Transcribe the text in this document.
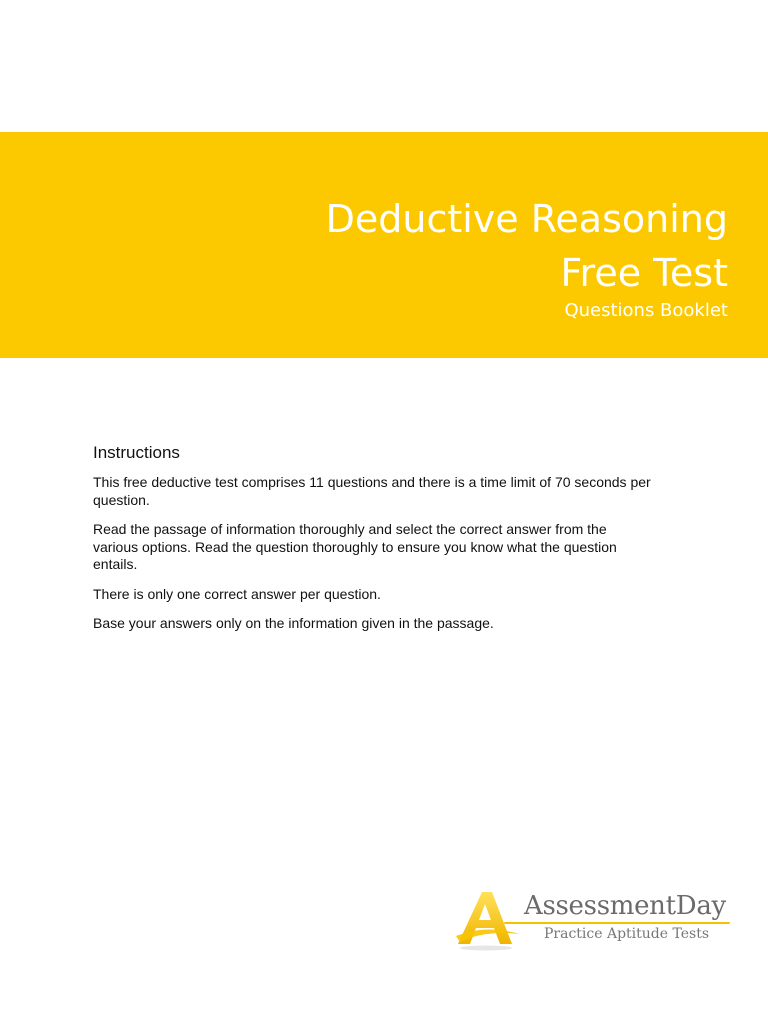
Deductive Reasoning
Free Test
Questions Booklet
Instructions

This free deductive test comprises 11 questions and there is a time limit of 70 seconds per question.

Read the passage of information thoroughly and select the correct answer from the various options. Read the question thoroughly to ensure you know what the question entails.

There is only one correct answer per question.

Base your answers only on the information given in the passage.

AssessmentDay
Practice Aptitude Tests
